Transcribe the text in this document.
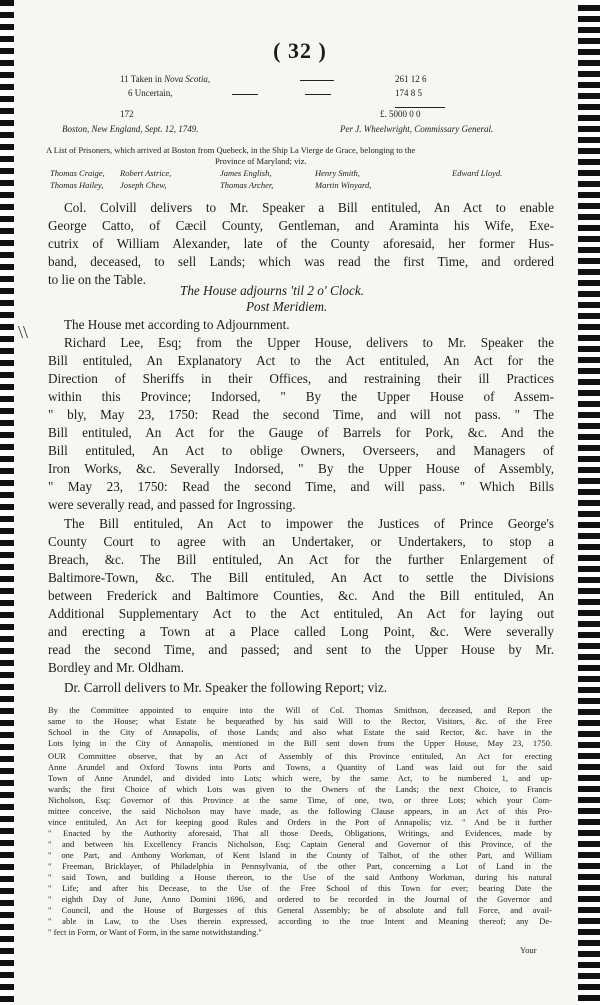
( 32 )
11 Taken in Nova Scotia,	261 12 6
6 Uncertain,	174 8 5
172	£. 5000 0 0
Boston, New England, Sept. 12, 1749.	Per J. Wheelwright, Commissary General.
A List of Prisoners, which arrived at Boston from Quebeck, in the Ship La Vierge de Grace, belonging to the
Province of Maryland; viz.
Thomas Craige, Robert Astrice,	James English,	Henry Smith,	Edward Lloyd.
Thomas Hailey, Joseph Chew,	Thomas Archer,	Martin Winyard,
Col. Colvill delivers to Mr. Speaker a Bill entituled, An Act to enable
George Catto, of Cæcil County, Gentleman, and Araminta his Wife, Exe-
cutrix of William Alexander, late of the County aforesaid, her former Hus-
band, deceased, to sell Lands; which was read the first Time, and ordered
to lie on the Table.
The House adjourns 'til 2 o' Clock.
Post Meridiem.
\\	The House met according to Adjournment.
Richard Lee, Esq; from the Upper House, delivers to Mr. Speaker the
Bill entituled, An Explanatory Act to the Act entituled, An Act for the
Direction of Sheriffs in their Offices, and restraining their ill Practices
within this Province; Indorsed, " By the Upper House of Assem-
" bly, May 23, 1750: Read the second Time, and will not pass. " The
Bill entituled, An Act for the Gauge of Barrels for Pork, &c. And the
Bill entituled, An Act to oblige Owners, Overseers, and Managers of
Iron Works, &c. Severally Indorsed, " By the Upper House of Assembly,
" May 23, 1750: Read the second Time, and will pass. " Which Bills
were severally read, and passed for Ingrossing.
The Bill entituled, An Act to impower the Justices of Prince George's
County Court to agree with an Undertaker, or Undertakers, to stop a
Breach, &c. The Bill entituled, An Act for the further Enlargement of
Baltimore-Town, &c. The Bill entituled, An Act to settle the Divisions
between Frederick and Baltimore Counties, &c. And the Bill entituled, An
Additional Supplementary Act to the Act entituled, An Act for laying out
and erecting a Town at a Place called Long Point, &c. Were severally
read the second Time, and passed; and sent to the Upper House by Mr.
Bordley and Mr. Oldham.
Dr. Carroll delivers to Mr. Speaker the following Report; viz.
By the Committee appointed to enquire into the Will of Col. Thomas Smithson, deceased, and Report the
same to the House; what Estate he bequeathed by his said Will to the Rector, Visitors, &c. of the Free
School in the City of Annapolis, of those Lands; and also what Estate the said Rector, &c. have in the
Lots lying in the City of Annapolis, mentioned in the Bill sent down from the Upper House, May 23, 1750.
OUR Committee observe, that by an Act of Assembly of this Province entituled, An Act for erecting
Anne Arundel and Oxford Towns into Ports and Towns, a Quantity of Land was laid out for the said
Town of Anne Arundel, and divided into Lots; which were, by the same Act, to be numbered 1, and up-
wards; the first Choice of which Lots was given to the Owners of the Lands; the next Choice, to Francis
Nicholson, Esq; Governor of this Province at the same Time, of one, two, or three Lots; which your Com-
mittee conceive, the said Nicholson may have made, as the following Clause appears, in an Act of this Pro-
vince entituled, An Act for keeping good Rules and Orders in the Port of Annapolis; viz. " And be it further
" Enacted by the Authority aforesaid, That all those Deeds, Obligations, Writings, and Evidences, made by
" and between his Excellency Francis Nicholson, Esq; Captain General and Governor of this Province, of the
" one Part, and Anthony Workman, of Kent Island in the County of Talbot, of the other Part, and William
" Freeman, Bricklayer, of Philadelphia in Pennsylvania, of the other Part, concerning a Lot of Land in the
" said Town, and building a House thereon, to the Use of the said Anthony Workman, during his natural
" Life; and after his Decease, to the Use of the Free School of this Town for ever; bearing Date the
" eighth Day of June, Anno Domini 1696, and ordered to be recorded in the Journal of the Governor and
" Council, and the House of Burgesses of this General Assembly; be of absolute and full Force, and avail-
" able in Law, to the Uses therein expressed, according to the true Intent and Meaning thereof; any De-
" fect in Form, or Want of Form, in the same notwithstanding."
Your
